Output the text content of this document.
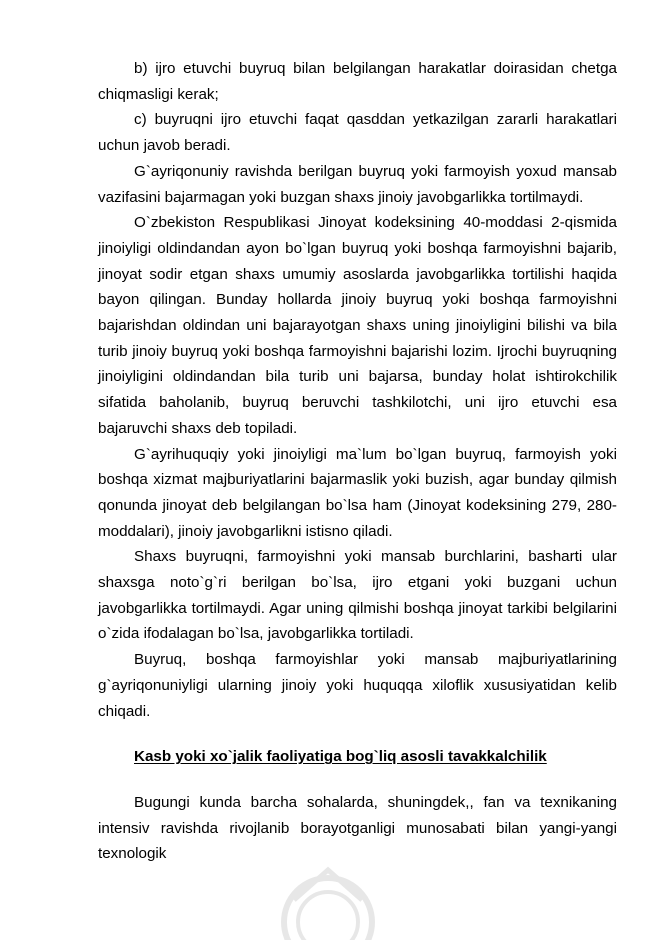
b) ijro etuvchi buyruq bilan belgilangan harakatlar doirasidan chetga chiqmasligi kerak;

c) buyruqni ijro etuvchi faqat qasddan yetkazilgan zararli harakatlari uchun javob beradi.

G`ayriqonuniy ravishda berilgan buyruq yoki farmoyish yoxud mansab vazifasini bajarmagan yoki buzgan shaxs jinoiy javobgarlikka tortilmaydi.

O`zbekiston Respublikasi Jinoyat kodeksining 40-moddasi 2-qismida jinoiyligi oldindandan ayon bo`lgan buyruq yoki boshqa farmoyishni bajarib, jinoyat sodir etgan shaxs umumiy asoslarda javobgarlikka tortilishi haqida bayon qilingan. Bunday hollarda jinoiy buyruq yoki boshqa farmoyishni bajarishdan oldindan uni bajarayotgan shaxs uning jinoiyligini bilishi va bila turib jinoiy buyruq yoki boshqa farmoyishni bajarishi lozim. Ijrochi buyruqning jinoiyligini oldindandan bila turib uni bajarsa, bunday holat ishtirokchilik sifatida baholanib, buyruq beruvchi tashkilotchi, uni ijro etuvchi esa bajaruvchi shaxs deb topiladi.

G`ayrihuquqiy yoki jinoiyligi ma`lum bo`lgan buyruq, farmoyish yoki boshqa xizmat majburiyatlarini bajarmaslik yoki buzish, agar bunday qilmish qonunda jinoyat deb belgilangan bo`lsa ham (Jinoyat kodeksining 279, 280-moddalari), jinoiy javobgarlikni istisno qiladi.

Shaxs buyruqni, farmoyishni yoki mansab burchlarini, basharti ular shaxsga noto`g`ri berilgan bo`lsa, ijro etgani yoki buzgani uchun javobgarlikka tortilmaydi. Agar uning qilmishi boshqa jinoyat tarkibi belgilarini o`zida ifodalagan bo`lsa, javobgarlikka tortiladi.

Buyruq, boshqa farmoyishlar yoki mansab majburiyatlarining g`ayriqonuniyligi ularning jinoiy yoki huquqqa xiloflik xususiyatidan kelib chiqadi.

Kasb yoki xo`jalik faoliyatiga bog`liq asosli tavakkalchilik

Bugungi kunda barcha sohalarda, shuningdek,, fan va texnikaning intensiv ravishda rivojlanib borayotganligi munosabati bilan yangi-yangi texnologik
